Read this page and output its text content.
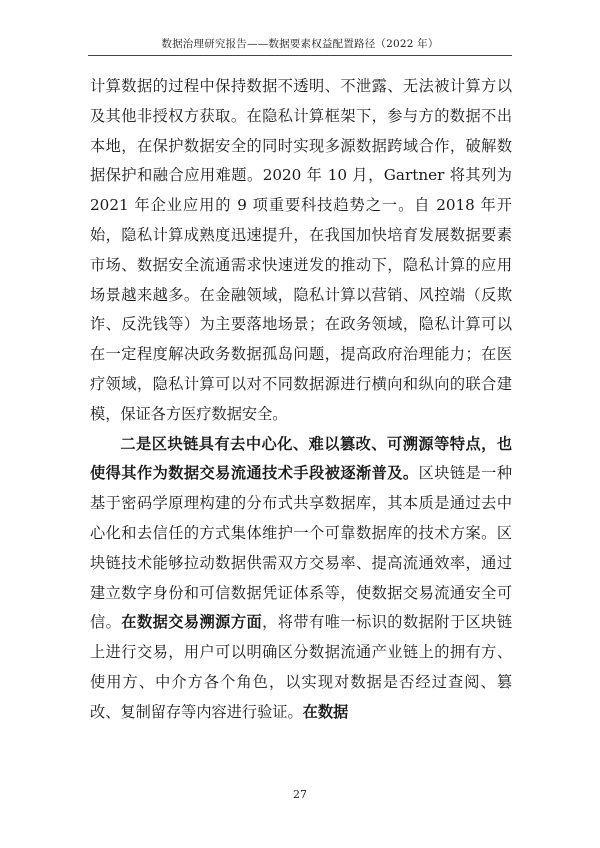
数据治理研究报告——数据要素权益配置路径（2022 年）

计算数据的过程中保持数据不透明、不泄露、无法被计算方以及其他非授权方获取。在隐私计算框架下，参与方的数据不出本地，在保护数据安全的同时实现多源数据跨域合作，破解数据保护和融合应用难题。2020 年 10 月，Gartner 将其列为 2021 年企业应用的 9 项重要科技趋势之一。自 2018 年开始，隐私计算成熟度迅速提升，在我国加快培育发展数据要素市场、数据安全流通需求快速迸发的推动下，隐私计算的应用场景越来越多。在金融领域，隐私计算以营销、风控端（反欺诈、反洗钱等）为主要落地场景；在政务领域，隐私计算可以在一定程度解决政务数据孤岛问题，提高政府治理能力；在医疗领域，隐私计算可以对不同数据源进行横向和纵向的联合建模，保证各方医疗数据安全。

二是区块链具有去中心化、难以篡改、可溯源等特点，也使得其作为数据交易流通技术手段被逐渐普及。区块链是一种基于密码学原理构建的分布式共享数据库，其本质是通过去中心化和去信任的方式集体维护一个可靠数据库的技术方案。区块链技术能够拉动数据供需双方交易率、提高流通效率，通过建立数字身份和可信数据凭证体系等，使数据交易流通安全可信。在数据交易溯源方面，将带有唯一标识的数据附于区块链上进行交易，用户可以明确区分数据流通产业链上的拥有方、使用方、中介方各个角色，以实现对数据是否经过查阅、篡改、复制留存等内容进行验证。在数据

27
